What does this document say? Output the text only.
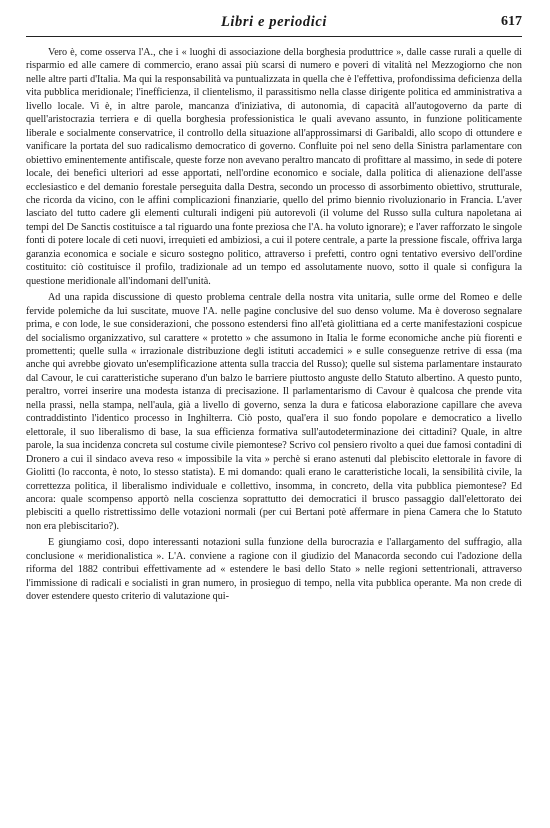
Libri e periodici	617

Vero è, come osserva l'A., che i « luoghi di associazione della borghesia produttrice », dalle casse rurali a quelle di risparmio ed alle camere di commercio, erano assai più scarsi di numero e poveri di vitalità nel Mezzogiorno che non nelle altre parti d'Italia. Ma qui la responsabilità va puntualizzata in quella che è l'effettiva, profondissima deficienza della vita pubblica meridionale; l'inefficienza, il clientelismo, il parassitismo nella classe dirigente politica ed amministrativa a livello locale. Vi è, in altre parole, mancanza d'iniziativa, di autonomia, di capacità all'autogoverno da parte di quell'aristocrazia terriera e di quella borghesia professionistica le quali avevano assunto, in funzione politicamente liberale e socialmente conservatrice, il controllo della situazione all'approssimarsi di Garibaldi, allo scopo di ottundere e vanificare la portata del suo radicalismo democratico di governo. Confluite poi nel seno della Sinistra parlamentare con obiettivo eminentemente antifiscale, queste forze non avevano peraltro mancato di profittare al massimo, in sede di potere locale, dei benefici ulteriori ad esse apportati, nell'ordine economico e sociale, dalla politica di alienazione dell'asse ecclesiastico e del demanio forestale perseguita dalla Destra, secondo un processo di assorbimento obiettivo, strutturale, che ricorda da vicino, con le affini complicazioni finanziarie, quello del primo biennio rivoluzionario in Francia. L'aver lasciato del tutto cadere gli elementi culturali indigeni più autorevoli (il volume del Russo sulla cultura napoletana ai tempi del De Sanctis costituisce a tal riguardo una fonte preziosa che l'A. ha voluto ignorare); e l'aver rafforzato le singole fonti di potere locale di ceti nuovi, irrequieti ed ambiziosi, a cui il potere centrale, a parte la pressione fiscale, offriva larga garanzia economica e sociale e sicuro sostegno politico, attraverso i prefetti, contro ogni tentativo eversivo dell'ordine costituito: ciò costituisce il profilo, tradizionale ad un tempo ed assolutamente nuovo, sotto il quale si configura la questione meridionale all'indomani dell'unità.

Ad una rapida discussione di questo problema centrale della nostra vita unitaria, sulle orme del Romeo e delle fervide polemiche da lui suscitate, muove l'A. nelle pagine conclusive del suo denso volume. Ma è doveroso segnalare prima, e con lode, le sue considerazioni, che possono estendersi fino all'età giolittiana ed a certe manifestazioni cospicue del socialismo organizzativo, sul carattere « protetto » che assumono in Italia le forme economiche anche più fiorenti e promettenti; quelle sulla « irrazionale distribuzione degli istituti accademici » e sulle conseguenze retrive di essa (ma anche qui avrebbe giovato un'esemplificazione attenta sulla traccia del Russo); quelle sul sistema parlamentare instaurato dal Cavour, le cui caratteristiche superano d'un balzo le barriere piuttosto anguste dello Statuto albertino. A questo punto, peraltro, vorrei inserire una modesta istanza di precisazione. Il parlamentarismo di Cavour è qualcosa che prende vita nella prassi, nella stampa, nell'aula, già a livello di governo, senza la dura e faticosa elaborazione capillare che aveva contraddistinto l'identico processo in Inghilterra. Ciò posto, qual'era il suo fondo popolare e democratico a livello elettorale, il suo liberalismo di base, la sua efficienza formativa sull'autodeterminazione dei cittadini? Quale, in altre parole, la sua incidenza concreta sul costume civile piemontese? Scrivo col pensiero rivolto a quei due famosi contadini di Dronero a cui il sindaco aveva reso « impossibile la vita » perchè si erano astenuti dal plebiscito elettorale in favore di Giolitti (lo racconta, è noto, lo stesso statista). E mi domando: quali erano le caratteristiche locali, la sensibilità civile, la correttezza politica, il liberalismo individuale e collettivo, insomma, in concreto, della vita pubblica piemontese? Ed ancora: quale scompenso apportò nella coscienza soprattutto dei democratici il brusco passaggio dall'elettorato dei plebisciti a quello ristrettissimo delle votazioni normali (per cui Bertani potè affermare in piena Camera che lo Statuto non era plebiscitario?).

E giungiamo così, dopo interessanti notazioni sulla funzione della burocrazia e l'allargamento del suffragio, alla conclusione « meridionalistica ». L'A. conviene a ragione con il giudizio del Manacorda secondo cui l'adozione della riforma del 1882 contribuì effettivamente ad « estendere le basi dello Stato » nelle regioni settentrionali, attraverso l'immissione di radicali e socialisti in gran numero, in prosieguo di tempo, nella vita pubblica operante. Ma non crede di dover estendere questo criterio di valutazione qui-
